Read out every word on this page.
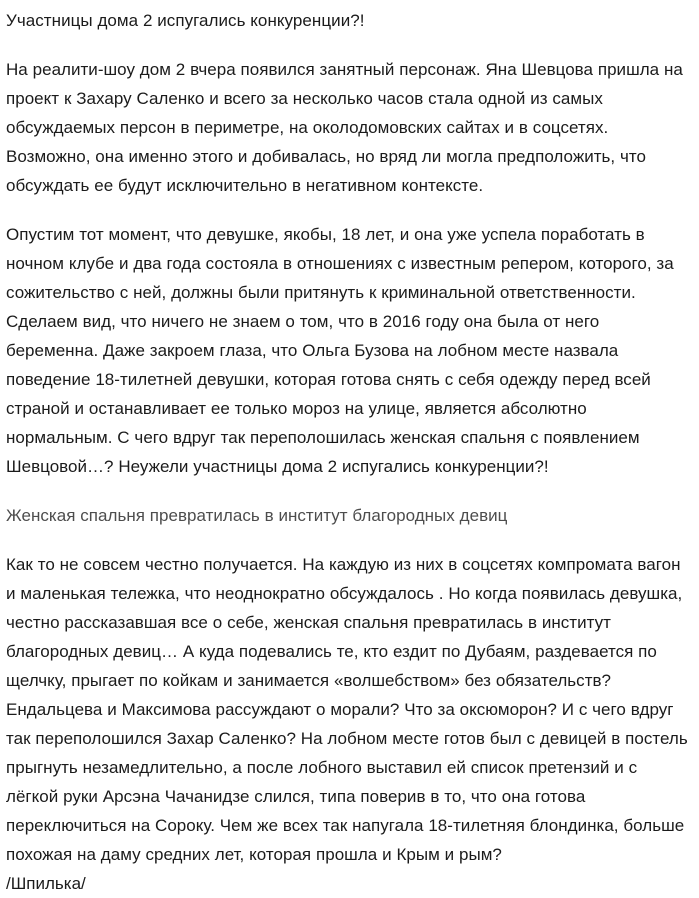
Участницы дома 2 испугались конкуренции?!

На реалити-шоу дом 2 вчера появился занятный персонаж. Яна Шевцова пришла на проект к Захару Саленко и всего за несколько часов стала одной из самых обсуждаемых персон в периметре, на околодомовских сайтах и в соцсетях. Возможно, она именно этого и добивалась, но вряд ли могла предположить, что обсуждать ее будут исключительно в негативном контексте.

Опустим тот момент, что девушке, якобы, 18 лет, и она уже успела поработать в ночном клубе и два года состояла в отношениях с известным репером, которого, за сожительство с ней, должны были притянуть к криминальной ответственности. Сделаем вид, что ничего не знаем о том, что в 2016 году она была от него беременна. Даже закроем глаза, что Ольга Бузова на лобном месте назвала поведение 18-тилетней девушки, которая готова снять с себя одежду перед всей страной и останавливает ее только мороз на улице, является абсолютно нормальным. С чего вдруг так переполошилась женская спальня с появлением Шевцовой…? Неужели участницы дома 2 испугались конкуренции?!

Женская спальня превратилась в институт благородных девиц

Как то не совсем честно получается. На каждую из них в соцсетях компромата вагон и маленькая тележка, что неоднократно обсуждалось . Но когда появилась девушка, честно рассказавшая все о себе, женская спальня превратилась в институт благородных девиц… А куда подевались те, кто ездит по Дубаям, раздевается по щелчку, прыгает по койкам и занимается «волшебством» без обязательств? Ендальцева и Максимова рассуждают о морали? Что за оксюморон? И с чего вдруг так переполошился Захар Саленко? На лобном месте готов был с девицей в постель прыгнуть незамедлительно, а после лобного выставил ей список претензий и с лёгкой руки Арсэна Чачанидзе слился, типа поверив в то, что она готова переключиться на Сороку. Чем же всех так напугала 18-тилетняя блондинка, больше похожая на даму средних лет, которая прошла и Крым и рым?

/Шпилька/
